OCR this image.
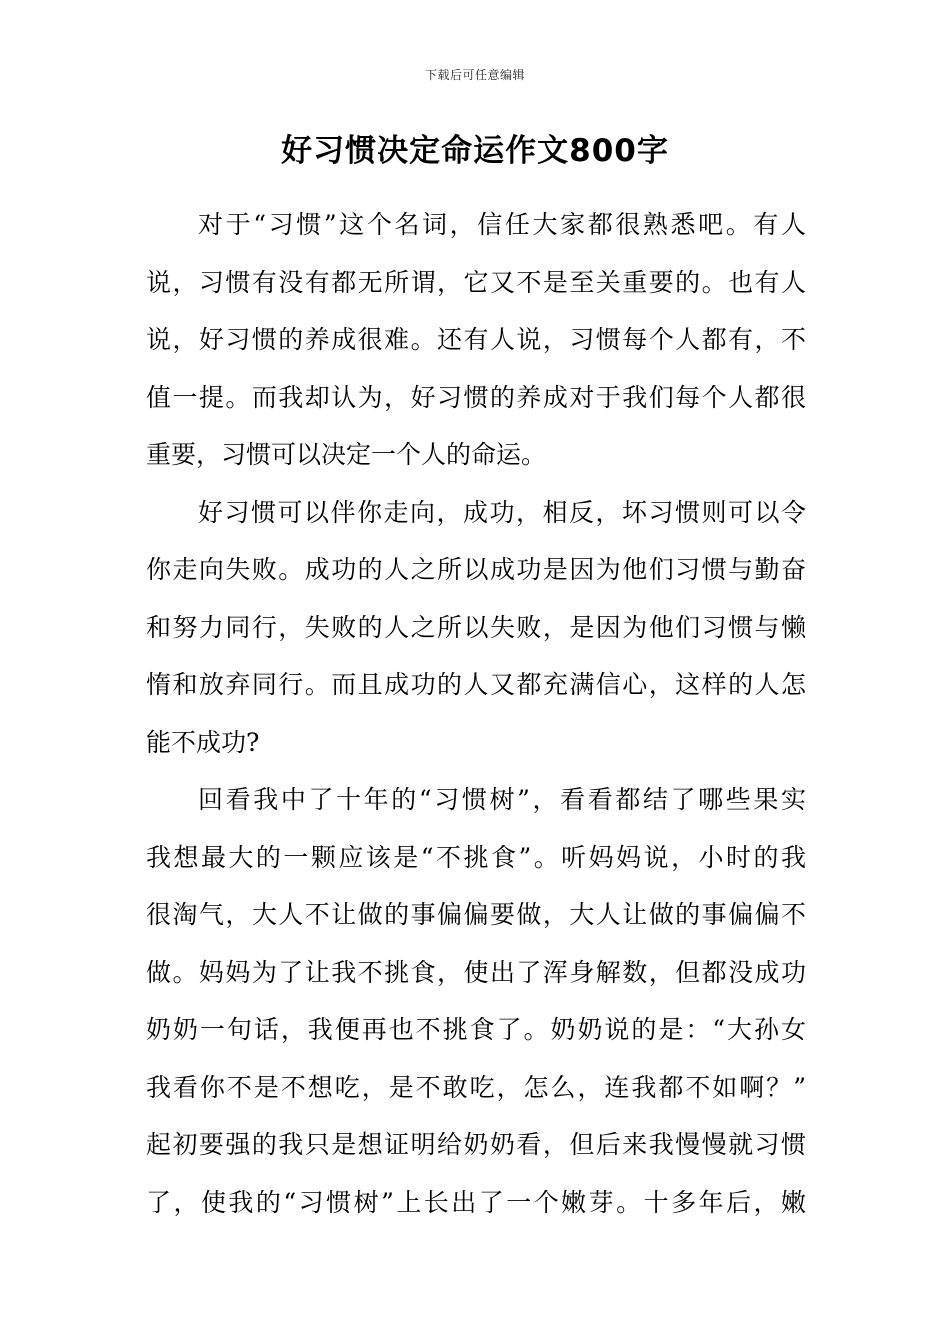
下载后可任意编辑
好习惯决定命运作文800字
对于“习惯”这个名词，信任大家都很熟悉吧。有人
说，习惯有没有都无所谓，它又不是至关重要的。也有人
说，好习惯的养成很难。还有人说，习惯每个人都有，不
值一提。而我却认为，好习惯的养成对于我们每个人都很
重要，习惯可以决定一个人的命运。
好习惯可以伴你走向，成功，相反，坏习惯则可以令
你走向失败。成功的人之所以成功是因为他们习惯与勤奋
和努力同行，失败的人之所以失败，是因为他们习惯与懒
惰和放弃同行。而且成功的人又都充满信心，这样的人怎
能不成功?
回看我中了十年的“习惯树”，看看都结了哪些果实
我想最大的一颗应该是“不挑食”。听妈妈说，小时的我
很淘气，大人不让做的事偏偏要做，大人让做的事偏偏不
做。妈妈为了让我不挑食，使出了浑身解数，但都没成功
奶奶一句话，我便再也不挑食了。奶奶说的是：“大孙女
我看你不是不想吃，是不敢吃，怎么，连我都不如啊？”
起初要强的我只是想证明给奶奶看，但后来我慢慢就习惯
了，使我的“习惯树”上长出了一个嫩芽。十多年后，嫩
